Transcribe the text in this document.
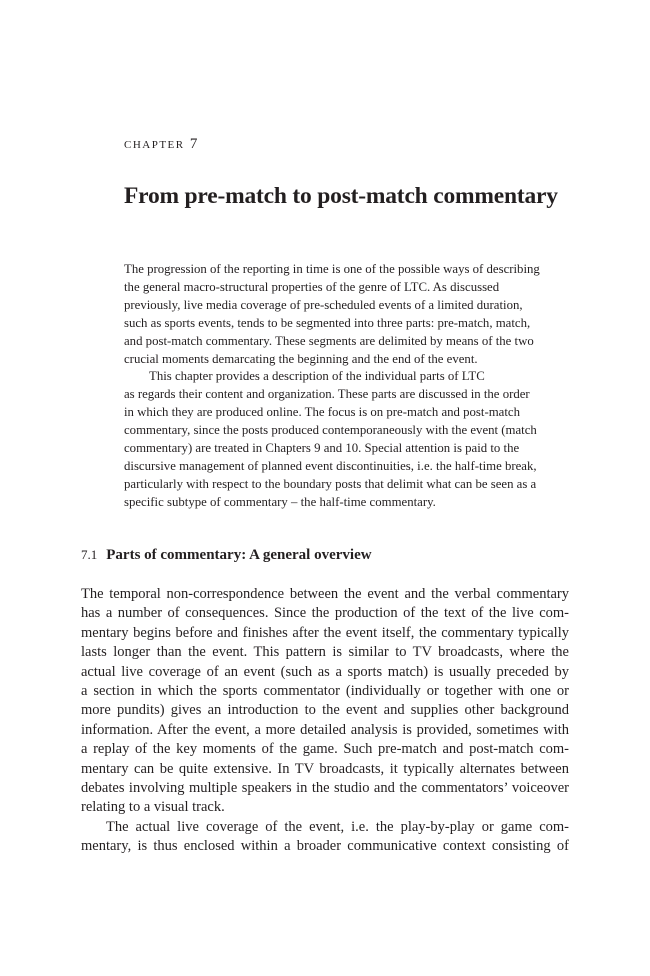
chapter 7
From pre-match to post-match commentary
The progression of the reporting in time is one of the possible ways of describing
the general macro-structural properties of the genre of LTC. As discussed
previously, live media coverage of pre-scheduled events of a limited duration,
such as sports events, tends to be segmented into three parts: pre-match, match,
and post-match commentary. These segments are delimited by means of the two
crucial moments demarcating the beginning and the end of the event.
This chapter provides a description of the individual parts of LTC
as regards their content and organization. These parts are discussed in the order
in which they are produced online. The focus is on pre-match and post-match
commentary, since the posts produced contemporaneously with the event (match
commentary) are treated in Chapters 9 and 10. Special attention is paid to the
discursive management of planned event discontinuities, i.e. the half-time break,
particularly with respect to the boundary posts that delimit what can be seen as a
specific subtype of commentary – the half-time commentary.
7.1 Parts of commentary: A general overview
The temporal non-correspondence between the event and the verbal commentary
has a number of consequences. Since the production of the text of the live com-
mentary begins before and finishes after the event itself, the commentary typically
lasts longer than the event. This pattern is similar to TV broadcasts, where the
actual live coverage of an event (such as a sports match) is usually preceded by
a section in which the sports commentator (individually or together with one or
more pundits) gives an introduction to the event and supplies other background
information. After the event, a more detailed analysis is provided, sometimes with
a replay of the key moments of the game. Such pre-match and post-match com-
mentary can be quite extensive. In TV broadcasts, it typically alternates between
debates involving multiple speakers in the studio and the commentators’ voiceover
relating to a visual track.
The actual live coverage of the event, i.e. the play-by-play or game com-
mentary, is thus enclosed within a broader communicative context consisting of
